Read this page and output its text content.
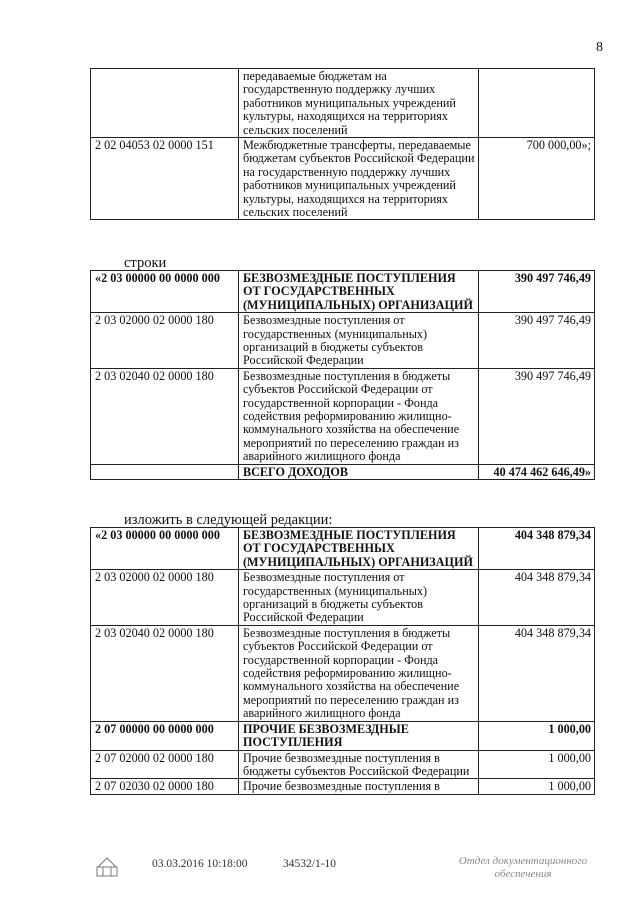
8
	передаваемые бюджетам на государственную поддержку лучших работников муниципальных учреждений культуры, находящихся на территориях сельских поселений	
2 02 04053 02 0000 151	Межбюджетные трансферты, передаваемые бюджетам субъектов Российской Федерации на государственную поддержку лучших работников муниципальных учреждений культуры, находящихся на территориях сельских поселений	700 000,00»;
строки
«2 03 00000 00 0000 000	БЕЗВОЗМЕЗДНЫЕ ПОСТУПЛЕНИЯ ОТ ГОСУДАРСТВЕННЫХ (МУНИЦИПАЛЬНЫХ) ОРГАНИЗАЦИЙ	390 497 746,49
2 03 02000 02 0000 180	Безвозмездные поступления от государственных (муниципальных) организаций в бюджеты субъектов Российской Федерации	390 497 746,49
2 03 02040 02 0000 180	Безвозмездные поступления в бюджеты субъектов Российской Федерации от государственной корпорации - Фонда содействия реформированию жилищно-коммунального хозяйства на обеспечение мероприятий по переселению граждан из аварийного жилищного фонда	390 497 746,49
	ВСЕГО ДОХОДОВ	40 474 462 646,49»
изложить в следующей редакции:
«2 03 00000 00 0000 000	БЕЗВОЗМЕЗДНЫЕ ПОСТУПЛЕНИЯ ОТ ГОСУДАРСТВЕННЫХ (МУНИЦИПАЛЬНЫХ) ОРГАНИЗАЦИЙ	404 348 879,34
2 03 02000 02 0000 180	Безвозмездные поступления от государственных (муниципальных) организаций в бюджеты субъектов Российской Федерации	404 348 879,34
2 03 02040 02 0000 180	Безвозмездные поступления в бюджеты субъектов Российской Федерации от государственной корпорации - Фонда содействия реформированию жилищно-коммунального хозяйства на обеспечение мероприятий по переселению граждан из аварийного жилищного фонда	404 348 879,34
2 07 00000 00 0000 000	ПРОЧИЕ БЕЗВОЗМЕЗДНЫЕ ПОСТУПЛЕНИЯ	1 000,00
2 07 02000 02 0000 180	Прочие безвозмездные поступления в бюджеты субъектов Российской Федерации	1 000,00
2 07 02030 02 0000 180	Прочие безвозмездные поступления в	1 000,00
03.03.2016 10:18:00	34532/1-10	Отдел документационного обеспечения
